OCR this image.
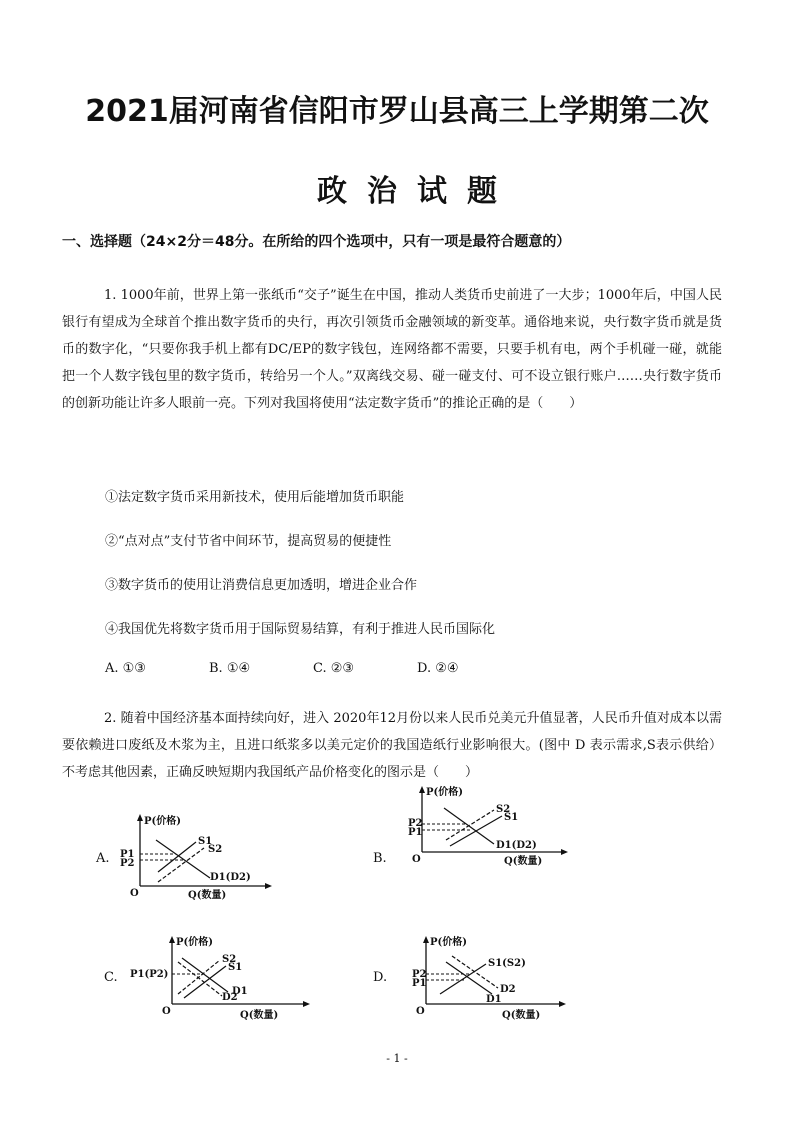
2021届河南省信阳市罗山县高三上学期第二次
政治试题
一、选择题（24×2分＝48分。在所给的四个选项中，只有一项是最符合题意的）
1. 1000年前，世界上第一张纸币“交子”诞生在中国，推动人类货币史前进了一大步；1000年后，中国人民银行有望成为全球首个推出数字货币的央行，再次引领货币金融领域的新变革。通俗地来说，央行数字货币就是货币的数字化，“只要你我手机上都有DC/EP的数字钱包，连网络都不需要，只要手机有电，两个手机碰一碰，就能把一个人数字钱包里的数字货币，转给另一个人。”双离线交易、碰一碰支付、可不设立银行账户……央行数字货币的创新功能让许多人眼前一亮。下列对我国将使用“法定数字货币”的推论正确的是（　　）
①法定数字货币采用新技术，使用后能增加货币职能
②“点对点”支付节省中间环节，提高贸易的便捷性
③数字货币的使用让消费信息更加透明，增进企业合作
④我国优先将数字货币用于国际贸易结算，有利于推进人民币国际化
A. ①③	B. ①④	C. ②③	D. ②④
2. 随着中国经济基本面持续向好，进入 2020年12月份以来人民币兑美元升值显著，人民币升值对成本以需要依赖进口废纸及木浆为主，且进口纸浆多以美元定价的我国造纸行业影响很大。(图中 D 表示需求,S表示供给）不考虑其他因素，正确反映短期内我国纸产品价格变化的图示是（　　）
A.	B.
C.	D.
P(价格)
Q(数量)
O
P1
P2
S1
S2
D1(D2)
P(价格)
Q(数量)
O
P2
P1
S2
S1
D1(D2)
P(价格)
Q(数量)
O
P1(P2)
S2
S1
D2
D1
P(价格)
Q(数量)
O
P2
P1
S1(S2)
D2
D1
- 1 -
